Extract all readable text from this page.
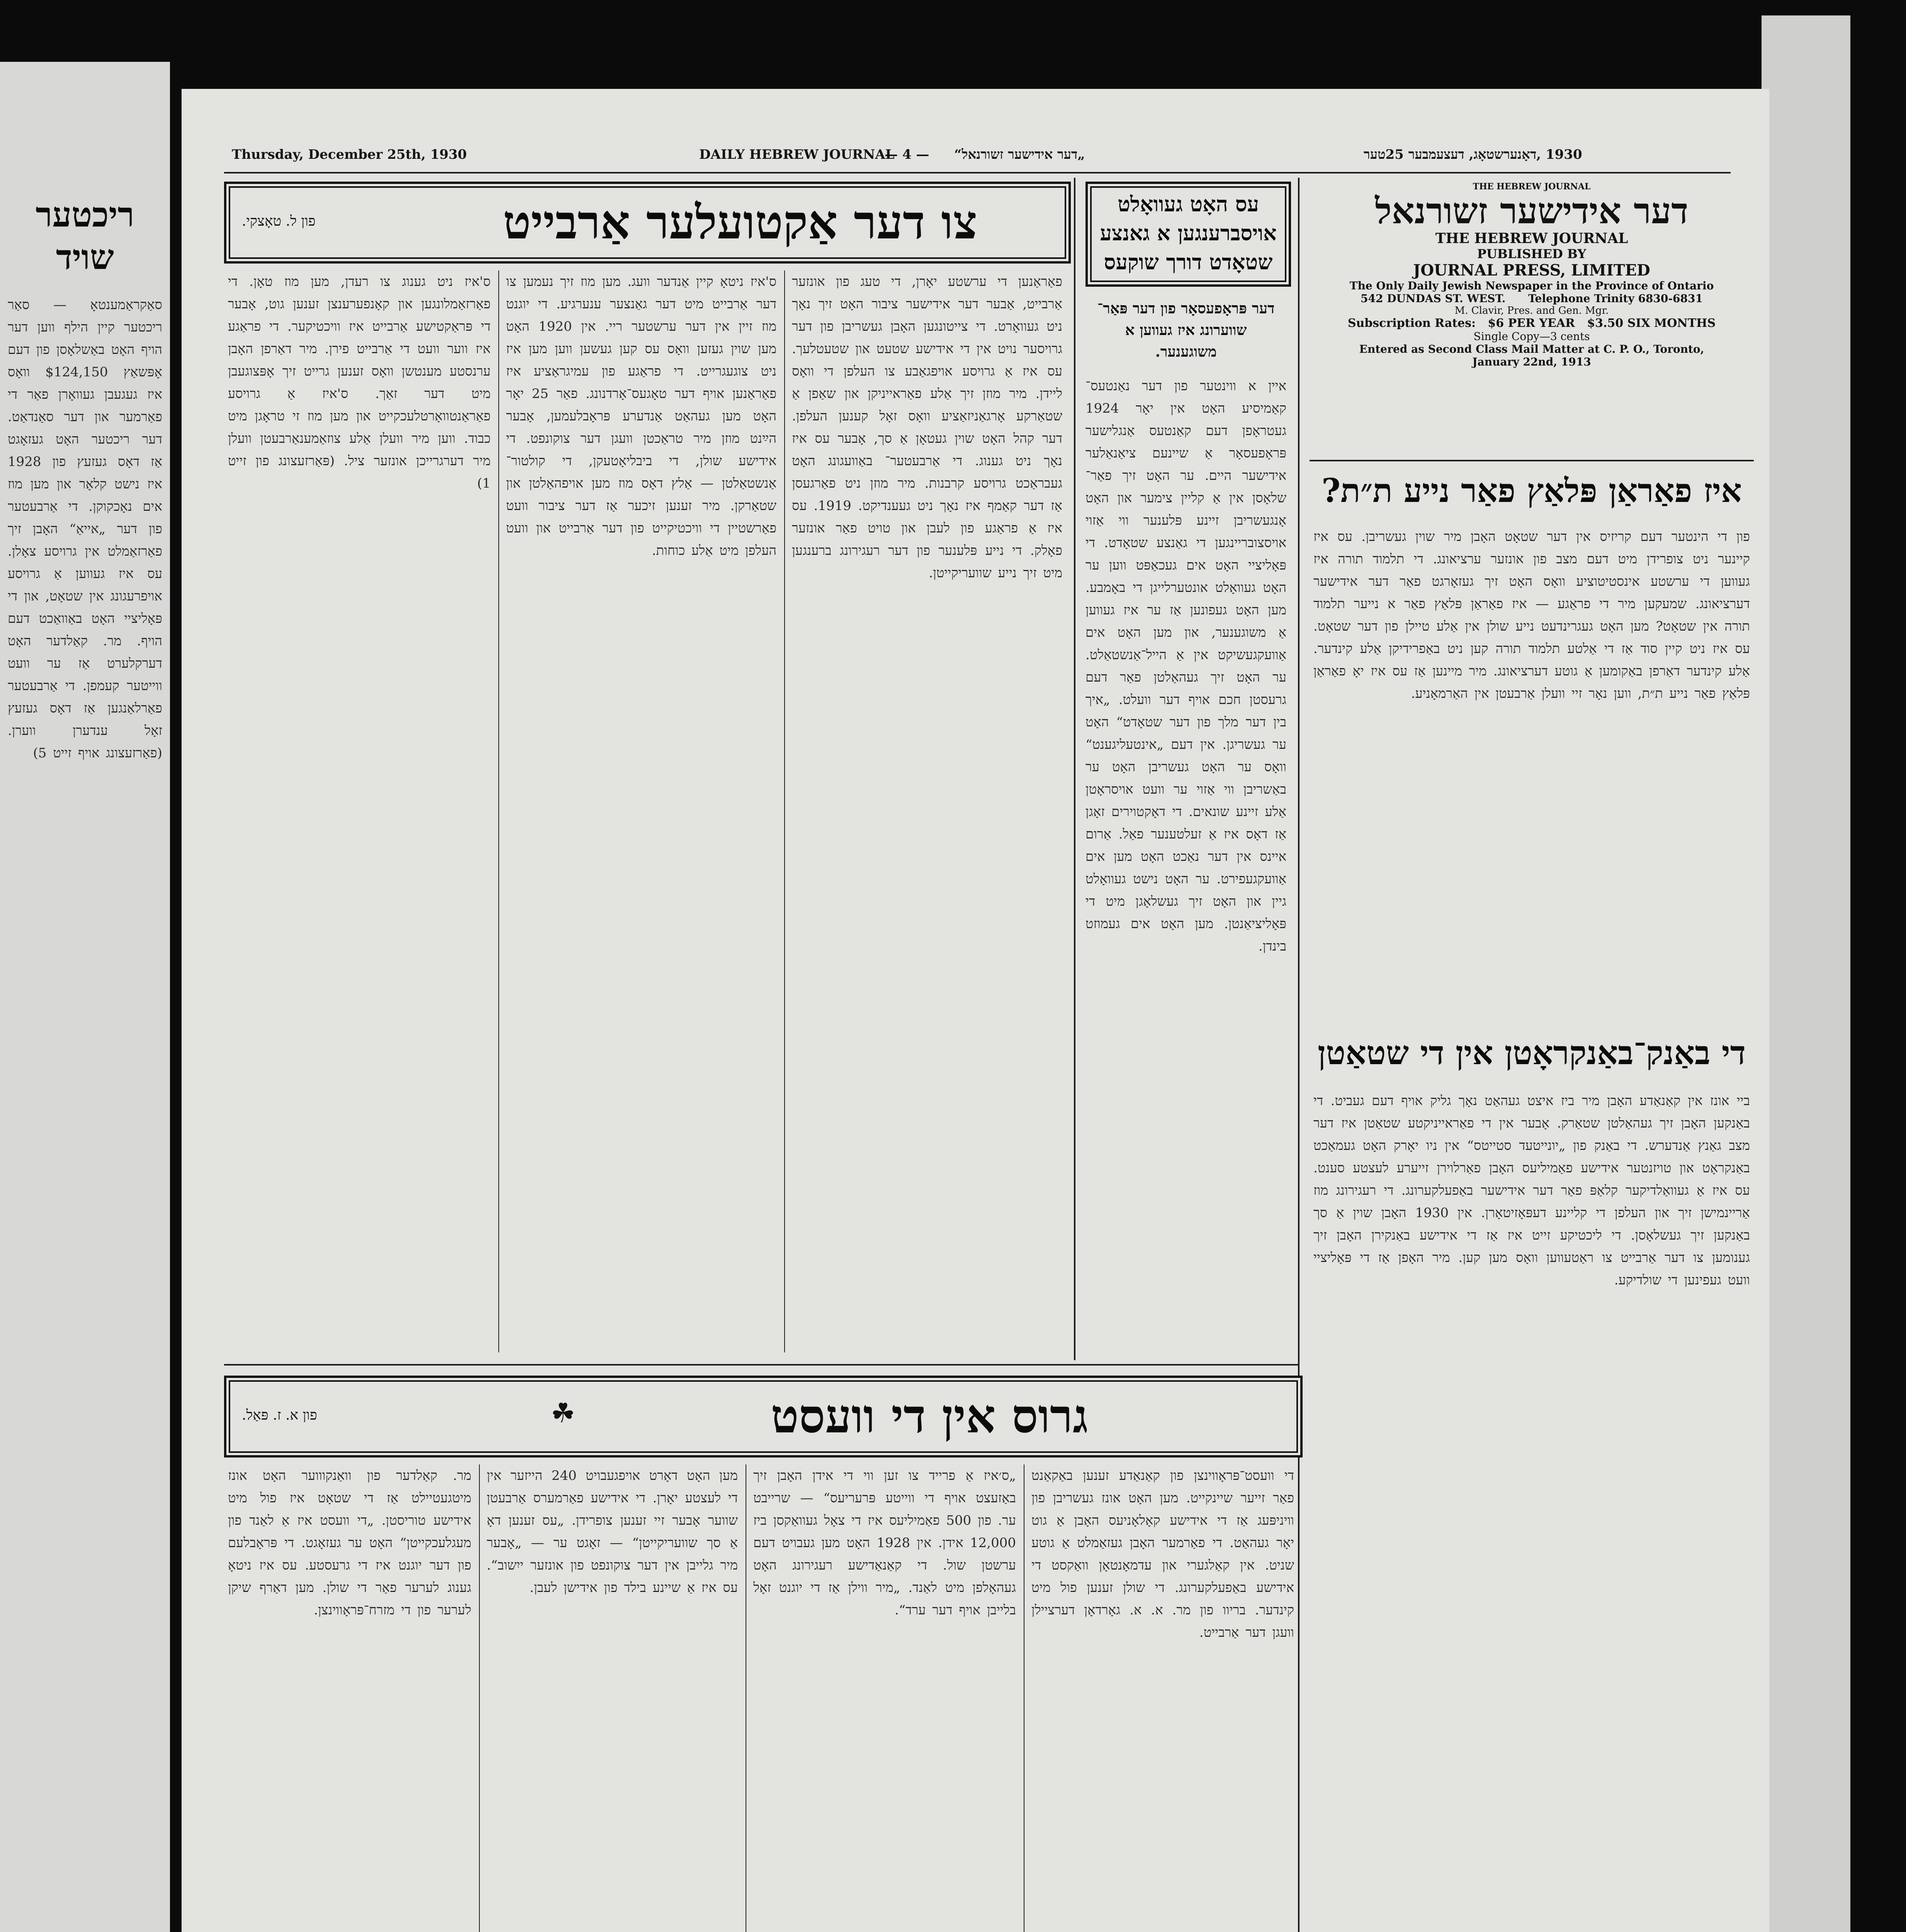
ריכטער
שויד
סאַקראַמענטאָ — סאַר ריכטער קיין הילף ווען דער הויף האָט באַשלאָסן פון דעם אָפּשאַץ $124,150 וואָס איז געגעבן געוואָרן פאַר די פאַרמער און דער סאַנדאַט. דער ריכטער האָט געזאָגט אַז דאָס געזעץ פון 1928 איז נישט קלאָר און מען מוז אים נאָכקוקן. די אַרבעטער פון דער „אייאַ“ האָבן זיך פאַרזאַמלט אין גרויסע צאָלן. עס איז געווען אַ גרויסע אויפרעגונג אין שטאָט, און די פּאָליציי האָט באַוואַכט דעם הויף. מר. קאַלדער האָט דערקלערט אַז ער וועט ווייטער קעמפן. די אַרבעטער פאַרלאַנגען אַז דאָס געזעץ זאָל ענדערן ווערן. (פאַרזעצונג אויף זייט 5)
Thursday, December 25th, 1930	DAILY HEBREW JOURNAL
— 4 — „דער אידישער זשורנאל“	1930 ,דאָנערשטאָג, דעצעמבער 25טער
THE HEBREW JOURNAL
דער אידישער זשורנאל
THE HEBREW JOURNAL
PUBLISHED BY
JOURNAL PRESS, LIMITED
The Only Daily Jewish Newspaper in the Province of Ontario
542 DUNDAS ST. WEST.      Telephone Trinity 6830-6831
M. Clavir, Pres. and Gen. Mgr.
Subscription Rates:   $6 PER YEAR   $3.50 SIX MONTHS
Single Copy—3 cents
Entered as Second Class Mail Matter at C. P. O., Toronto,
January 22nd, 1913
איז פאַראַן פּלאַץ פאַר נייע ת״ת?
פון די הינטער דעם קריזיס אין דער שטאָט האָבן מיר שוין געשריבן. עס איז קיינער ניט צופרידן מיט דעם מצב פון אונזער ערציאונג. די תלמוד תורה איז געווען די ערשטע אינסטיטוציע וואָס האָט זיך געזאָרגט פאַר דער אידישער דערציאונג. שמעקען מיר די פראַגע — איז פאַראַן פּלאַץ פאַר א נייער תלמוד תורה אין שטאָט? מען האָט געגרינדעט נייע שולן אין אַלע טיילן פון דער שטאָט. עס איז ניט קיין סוד אַז די אַלטע תלמוד תורה קען ניט באַפרידיקן אַלע קינדער. אַלע קינדער דאַרפן באַקומען אַ גוטע דערציאונג. מיר מיינען אַז עס איז יאָ פאַראַן פּלאַץ פאַר נייע ת״ת, ווען נאָר זיי וועלן אַרבעטן אין האַרמאָניע.
די באַנק־באַנקראָטן אין די שטאַטן
ביי אונז אין קאַנאַדע האָבן מיר ביז איצט געהאַט נאָך גליק אויף דעם געביט. די באַנקען האָבן זיך געהאַלטן שטאַרק. אָבער אין די פאַראייניקטע שטאַטן איז דער מצב גאַנץ אַנדערש. די באַנק פון „יונייטעד סטייטס“ אין ניו יאָרק האָט געמאַכט באַנקראָט און טויזנטער אידישע פאַמיליעס האָבן פאַרלוירן זייערע לעצטע סענט. עס איז אַ געוואַלדיקער קלאַפּ פאַר דער אידישער באַפעלקערונג. די רעגירונג מוז אַריינמישן זיך און העלפן די קליינע דעפּאָזיטאָרן. אין 1930 האָבן שוין אַ סך באַנקען זיך געשלאָסן. די ליכטיקע זייט איז אַז די אידישע באַנקירן האָבן זיך גענומען צו דער אַרבייט צו ראַטעווען וואָס מען קען. מיר האָפן אַז די פּאָליציי וועט געפינען די שולדיקע.
עס האָט געוואָלט
אויסברענגען א גאנצע
שטאָדט דורך שוקעס
דער פּראָפעסאָר פון דער פּאַר־
שווערונג איז געווען א
משוגענער.
איין א ווינטער פון דער נאַנטעס־ קאַמיסיע האָט אין יאָר 1924 געטראָפן דעם קאַנטעס אַנגלישער פּראָפעסאָר אַ שיינעם ציאַנאַלער אידישער היים. ער האָט זיך פאַר־ שלאָסן אין אַ קליין צימער און האָט אָנגעשריבן זיינע פּלענער ווי אַזוי אויסצובריינגען די גאַנצע שטאָדט. די פּאָליציי האָט אים געכאַפּט ווען ער האָט געוואָלט אונטערלייגן די באָמבע. מען האָט געפונען אַז ער איז געווען אַ משוגענער, און מען האָט אים אַוועקגעשיקט אין אַ הייל־אַנשטאַלט. ער האָט זיך געהאַלטן פאַר דעם גרעסטן חכם אויף דער וועלט. „איך בין דער מלך פון דער שטאָדט“ האָט ער געשריגן. אין דעם „אינטעליגענט“ וואָס ער האָט געשריבן האָט ער באַשריבן ווי אַזוי ער וועט אויסראָטן אַלע זיינע שונאים. די דאָקטוירים זאָגן אַז דאָס איז אַ זעלטענער פאַל. אַרום איינס אין דער נאַכט האָט מען אים אַוועקגעפירט. ער האָט נישט געוואָלט גיין און האָט זיך געשלאָגן מיט די פּאָליציאַנטן. מען האָט אים געמוזט בינדן.
צו דער אַקטועלער אַרבייט
פון ל. טאָצקי.
פאַראַנען די ערשטע יאָרן, די טעג פון אונזער אַרבייט, אַבער דער אידישער ציבור האָט זיך נאָך ניט געוואָרט. די צייטונגען האָבן געשריבן פון דער גרויסער נויט אין די אידישע שטעט און שטעטלעך. עס איז אַ גרויסע אויפגאַבע צו העלפן די וואָס ליידן. מיר מוזן זיך אַלע פאַראייניקן און שאַפן אַ שטאַרקע אָרגאַניזאַציע וואָס זאָל קענען העלפן. דער קהל האָט שוין געטאָן אַ סך, אָבער עס איז נאָך ניט גענוג. די אַרבעטער־ באַוועגונג האָט געבראַכט גרויסע קרבנות. מיר מוזן ניט פאַרגעסן אַז דער קאַמף איז נאָך ניט געענדיקט. 1919. עס איז אַ פראַגע פון לעבן און טויט פאַר אונזער פאָלק. די נייע פּלענער פון דער רעגירונג ברענגען מיט זיך נייע שוועריקייטן.
ס'איז ניטאָ קיין אַנדער וועג. מען מוז זיך נעמען צו דער אַרבייט מיט דער גאַנצער ענערגיע. די יוגנט מוז זיין אין דער ערשטער ריי. אין 1920 האָט מען שוין געזען וואָס עס קען געשען ווען מען איז ניט צוגעגרייט. די פראַגע פון עמיגראַציע איז פאַראַנען אויף דער טאָגעס־אָרדנונג. פאַר 25 יאָר האָט מען געהאַט אַנדערע פּראָבלעמען, אָבער הײַנט מוזן מיר טראַכטן וועגן דער צוקונפט. די אידישע שולן, די ביבליאָטעקן, די קולטור־ אַנשטאַלטן — אַלץ דאָס מוז מען אויפהאַלטן און שטאַרקן. מיר זענען זיכער אַז דער ציבור וועט פאַרשטיין די וויכטיקייט פון דער אַרבייט און וועט העלפן מיט אַלע כוחות.
ס'איז ניט גענוג צו רעדן, מען מוז טאָן. די פאַרזאַמלונגען און קאָנפערענצן זענען גוט, אָבער די פּראַקטישע אַרבייט איז וויכטיקער. די פראַגע איז ווער וועט די אַרבייט פירן. מיר דאַרפן האָבן ערנסטע מענטשן וואָס זענען גרייט זיך אָפּצוגעבן מיט דער זאַך. ס'איז אַ גרויסע פאַראַנטוואָרטלעכקייט און מען מוז זי טראָגן מיט כבוד. ווען מיר וועלן אַלע צוזאַמענאַרבעטן וועלן מיר דערגרייכן אונזער ציל. (פּאַרזעצונג פון זייט 1)
גרוס אין די וועסט
☘
פון א. ז. פּאַל.
די וועסט־פּראָווינצן פון קאַנאַדע זענען באַקאַנט פאַר זייער שיינקייט. מען האָט אונז געשריבן פון וויניפּעג אַז די אידישע קאָלאָניעס האָבן אַ גוט יאָר געהאַט. די פאַרמער האָבן געזאַמלט אַ גוטע שניט. אין קאַלגערי און עדמאָנטאָן וואַקסט די אידישע באַפעלקערונג. די שולן זענען פול מיט קינדער. בריוו פון מר. א. א. גאָרדאָן דערציילן וועגן דער אַרבייט.
„ס׳איז אַ פרייד צו זען ווי די אידן האָבן זיך באַזעצט אויף די ווייטע פּרעריעס“ — שרייבט ער. פון 500 פאַמיליעס איז די צאָל געוואַקסן ביז 12,000 אידן. אין 1928 האָט מען געבויט דעם ערשטן שול. די קאַנאַדישע רעגירונג האָט געהאָלפן מיט לאַנד. „מיר ווילן אַז די יוגנט זאָל בלייבן אויף דער ערד“.
מען האָט דאָרט אויפגעבויט 240 הייזער אין די לעצטע יאָרן. די אידישע פאַרמערס אַרבעטן שווער אָבער זיי זענען צופרידן. „עס זענען דאָ אַ סך שוועריקייטן“ — זאָגט ער — „אָבער מיר גלייבן אין דער צוקונפט פון אונזער ייִשוב“. עס איז אַ שיינע בילד פון אידישן לעבן.
מר. קאַלדער פון וואַנקוווער האָט אונז מיטגעטיילט אַז די שטאָט איז פול מיט אידישע טוריסטן. „די וועסט איז אַ לאַנד פון מעגלעכקייטן“ האָט ער געזאָגט. די פּראָבלעם פון דער יוגנט איז די גרעסטע. עס איז ניטאָ גענוג לערער פאַר די שולן. מען דאַרף שיקן לערער פון די מזרח־פּראָווינצן.
